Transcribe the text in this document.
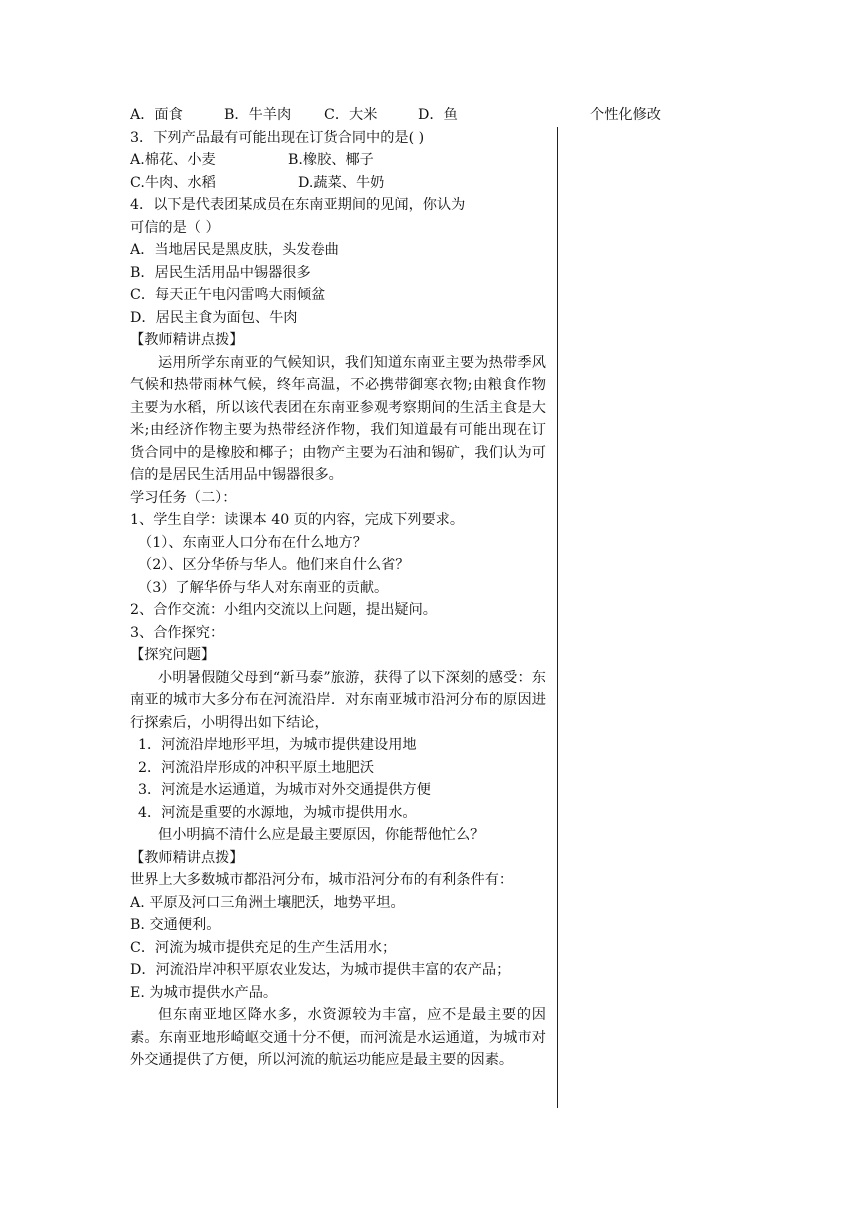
个性化修改
A．面食	B．牛羊肉 C．大米	D．鱼
3．下列产品最有可能出现在订货合同中的是( )
A.棉花、小麦	B.橡胶、椰子
C.牛肉、水稻	D.蔬菜、牛奶
4．以下是代表团某成员在东南亚期间的见闻，你认为
可信的是（ ）
A．当地居民是黑皮肤，头发卷曲
B．居民生活用品中锡器很多
C．每天正午电闪雷鸣大雨倾盆
D．居民主食为面包、牛肉
【教师精讲点拨】
运用所学东南亚的气候知识，我们知道东南亚主要为热带季风气候和热带雨林气候，终年高温，不必携带御寒衣物;由粮食作物主要为水稻，所以该代表团在东南亚参观考察期间的生活主食是大米;由经济作物主要为热带经济作物，我们知道最有可能出现在订货合同中的是橡胶和椰子；由物产主要为石油和锡矿，我们认为可信的是居民生活用品中锡器很多。
学习任务（二）：
1、学生自学：读课本 40 页的内容，完成下列要求。
（1）、东南亚人口分布在什么地方？
（2）、区分华侨与华人。他们来自什么省？
（3）了解华侨与华人对东南亚的贡献。
2、合作交流：小组内交流以上问题，提出疑问。
3、合作探究：
【探究问题】
小明暑假随父母到“新马泰”旅游，获得了以下深刻的感受：东南亚的城市大多分布在河流沿岸．对东南亚城市沿河分布的原因进行探索后，小明得出如下结论，
1．河流沿岸地形平坦，为城市提供建设用地
2．河流沿岸形成的冲积平原土地肥沃
3．河流是水运通道，为城市对外交通提供方便
4．河流是重要的水源地，为城市提供用水。
但小明搞不清什么应是最主要原因，你能帮他忙么？
【教师精讲点拨】
世界上大多数城市都沿河分布，城市沿河分布的有利条件有：
A. 平原及河口三角洲土壤肥沃，地势平坦。
B. 交通便利。
C．河流为城市提供充足的生产生活用水；
D．河流沿岸冲积平原农业发达，为城市提供丰富的农产品；
E. 为城市提供水产品。
但东南亚地区降水多，水资源较为丰富，应不是最主要的因素。东南亚地形崎岖交通十分不便，而河流是水运通道，为城市对外交通提供了方便，所以河流的航运功能应是最主要的因素。
